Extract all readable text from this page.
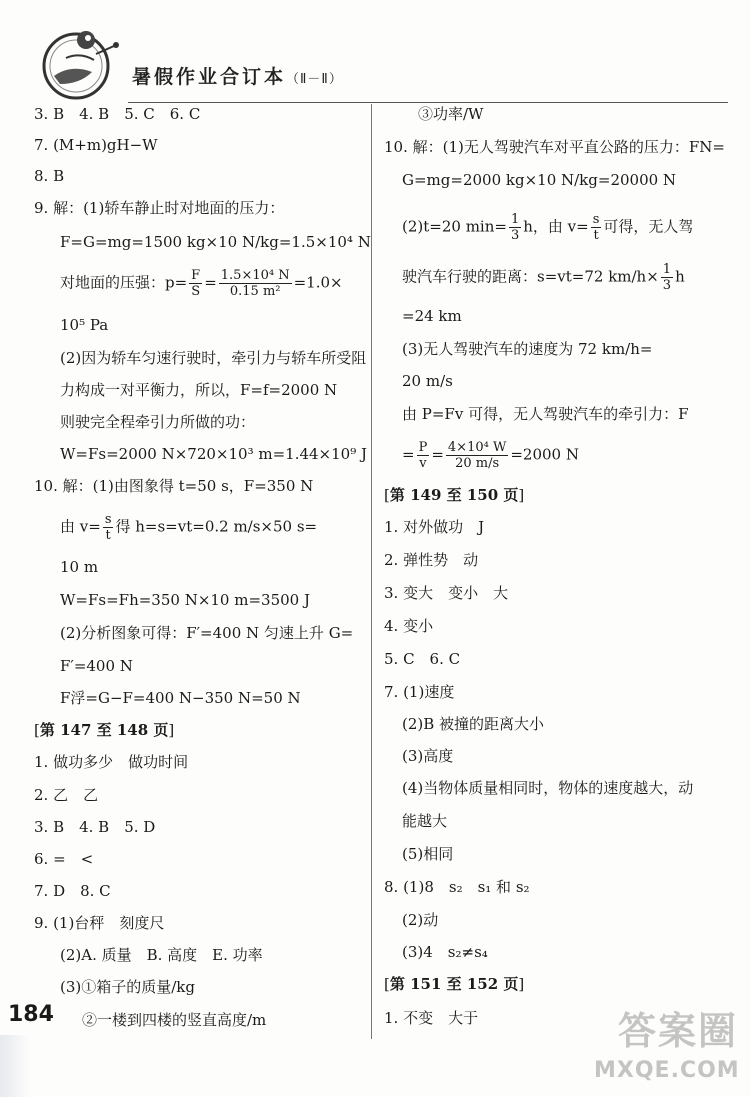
暑假作业合订本（Ⅱ－Ⅱ）
3. B　4. B　5. C　6. C
7. (M+m)gH−W
8. B
9. 解：(1)轿车静止时对地面的压力：
F=G=mg=1500 kg×10 N/kg=1.5×10⁴ N
对地面的压强：$p= \frac{F}{S} = \frac{\text{1.5×10⁴ N}}{\text{0.15 m²}} =1.0\times$
10⁵ Pa
(2)因为轿车匀速行驶时，牵引力与轿车所受阻
力构成一对平衡力，所以，F=f=2000 N
则驶完全程牵引力所做的功：
W=Fs=2000 N×720×10³ m=1.44×10⁹ J
10. 解：(1)由图象得 t=50 s，F=350 N
由 $v= \frac{s}{t}$ 得 h=s=vt=0.2 m/s×50 s=
10 m
W=Fs=Fh=350 N×10 m=3500 J
(2)分析图象可得：F′=400 N 匀速上升 G=
F′=400 N
F浮=G−F=400 N−350 N=50 N
[ 第 147 至 148 页 ]
1. 做功多少　做功时间
2. 乙　乙
3. B　4. B　5. D
6. =　<
7. D　8. C
9. (1)台秤　刻度尺
(2)A. 质量　B. 高度　E. 功率
(3)①箱子的质量/kg
②一楼到四楼的竖直高度/m
③功率/W
10. 解：(1)无人驾驶汽车对平直公路的压力：FN=
G=mg=2000 kg×10 N/kg=20000 N
(2)t=20 $\min= \frac{1}{3}$ h，由 $v= \frac{s}{t}$ 可得，无人驾
驶汽车行驶的距离：s=vt=72 $km/h\times \frac{1}{3}$ h
=24 km
(3)无人驾驶汽车的速度为 72 km/h=
20 m/s
由 P=Fv 可得，无人驾驶汽车的牵引力：F
= $\frac{P}{v} = \frac{\text{4×10⁴ W}}{20 m/s} =2000$ N
[ 第 149 至 150 页 ]
1. 对外做功　J
2. 弹性势　动
3. 变大　变小　大
4. 变小
5. C　6. C
7. (1)速度
(2)B 被撞的距离大小
(3)高度
(4)当物体质量相同时，物体的速度越大，动
能越大
(5)相同
8. (1)8　s₂　s₁ 和 s₂
(2)动
(3)4　s₂≠s₄
[ 第 151 至 152 页 ]
1. 不变　大于
184	答案圈
MXQE.COM
